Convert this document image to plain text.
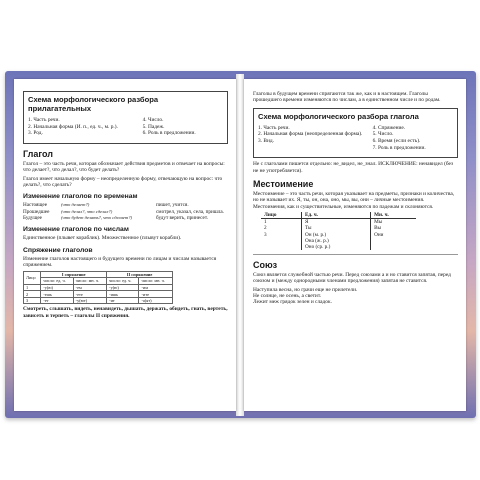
Схема морфологического разбора прилагательных
1. Часть речи.
2. Начальная форма (И. п., ед. ч., м. р.).
3. Род.
4. Число.
5. Падеж.
6. Роль в предложении.
Глагол
Глагол – это часть речи, которая обозначает действия предметов и отвечает на вопросы: что делает?, что делал?, что будет делать?
Глагол имеет начальную форму – неопределенную форму, отвечающую на вопрос: что делать?, что сделать?
Изменение глаголов по временам
Настоящее	(что делает?)	пишет, учится.
Прошедшее	(что делал?, что сделал?)	смотрел, указал, села, пришла.
Будущее	(что будет делать?, что сделает?)	будут верить, принесет.
Изменение глаголов по числам
Единственное (плывет кораблик). Множественное (плывут корабли).
Спряжение глаголов
Изменение глаголов настоящего и будущего времени по лицам и числам называется спряжением.
Лицо	I спряжение		II спряжение	
	число: ед. ч.	число: мн. ч.	число: ед. ч.	число: мн. ч.
1	-у(ю)	-ем	-у(ю)	-им
2	-ешь	-ете	-ишь	-ите
3	-ет	-у(ют)	-ит	-а(ят)
Смотреть, слышать, видеть, ненавидеть, дышать, держать, обидеть, гнать, вертеть, зависеть и терпеть – глаголы II спряжения.
Глаголы в будущем времени спрягаются так же, как и в настоящем. Глаголы прошедшего времени изменяются по числам, а в единственном числе и по родам.
Схема морфологического разбора глагола
1. Часть речи.
2. Начальная форма (неопределенная форма).
3. Вид.
4. Спряжение.
5. Число.
6. Время (если есть).
7. Роль в предложении.
Не с глаголами пишется отдельно: не_видел, не_знал. ИСКЛЮЧЕНИЕ: ненавидел (без не не употребляется).
Местоимение
Местоимение – это часть речи, которая указывает на предметы, признаки и количества, но не называет их. Я, ты, он, она, оно, мы, вы, они – личные местоимения. Местоимения, как и существительные, изменяются по падежам и склоняются.
Лицо	Ед. ч.	Мн. ч.
1	Я	Мы
2	Ты	Вы
3	Он (м. р.)
Она (ж. р.)
Оно (ср. р.)	Они
Союз
Союз является служебной частью речи. Перед союзами а и но ставится запятая, перед союзом и (между однородными членами предложения) запятая не ставится.
Наступила весна, но грачи еще не прилетели.
Не солнце, не осень, а светит.
Лежит меж грядок зелен и сладок.
